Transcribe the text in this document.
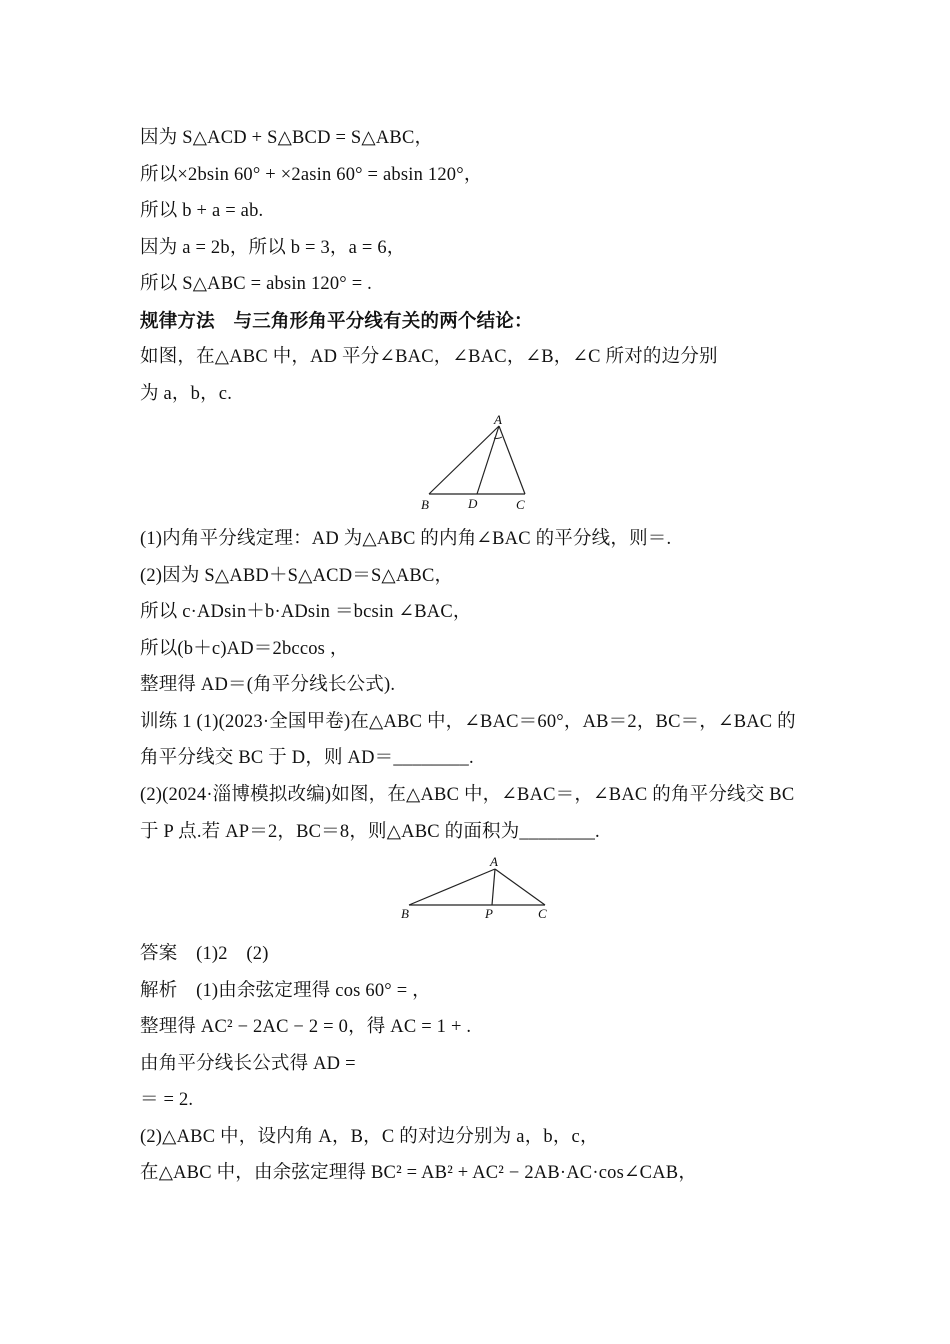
因为 S△ACD + S△BCD = S△ABC，
所以×2bsin 60° + ×2asin 60° = absin 120°，
所以 b + a = ab.
因为 a = 2b，所以 b = 3，a = 6，
所以 S△ABC = absin 120° = .
规律方法　与三角形角平分线有关的两个结论：
如图，在△ABC 中，AD 平分∠BAC，∠BAC，∠B，∠C 所对的边分别
为 a，b，c.
A
B	D	C
(1)内角平分线定理：AD 为△ABC 的内角∠BAC 的平分线，则＝.
(2)因为 S△ABD＋S△ACD＝S△ABC，
所以 c·ADsin＋b·ADsin ＝bcsin ∠BAC，
所以(b＋c)AD＝2bccos ，
整理得 AD＝(角平分线长公式).
训练 1 (1)(2023·全国甲卷)在△ABC 中，∠BAC＝60°，AB＝2，BC＝，∠BAC 的
角平分线交 BC 于 D，则 AD＝________.
(2)(2024·淄博模拟改编)如图，在△ABC 中，∠BAC＝，∠BAC 的角平分线交 BC
于 P 点.若 AP＝2，BC＝8，则△ABC 的面积为________.
A
B	P	C
答案　(1)2　(2)
解析　(1)由余弦定理得 cos 60° = ，
整理得 AC² − 2AC − 2 = 0，得 AC = 1 + .
由角平分线长公式得 AD =
＝ = 2.
(2)△ABC 中，设内角 A，B，C 的对边分别为 a，b，c，
在△ABC 中，由余弦定理得 BC² = AB² + AC² − 2AB·AC·cos∠CAB，
